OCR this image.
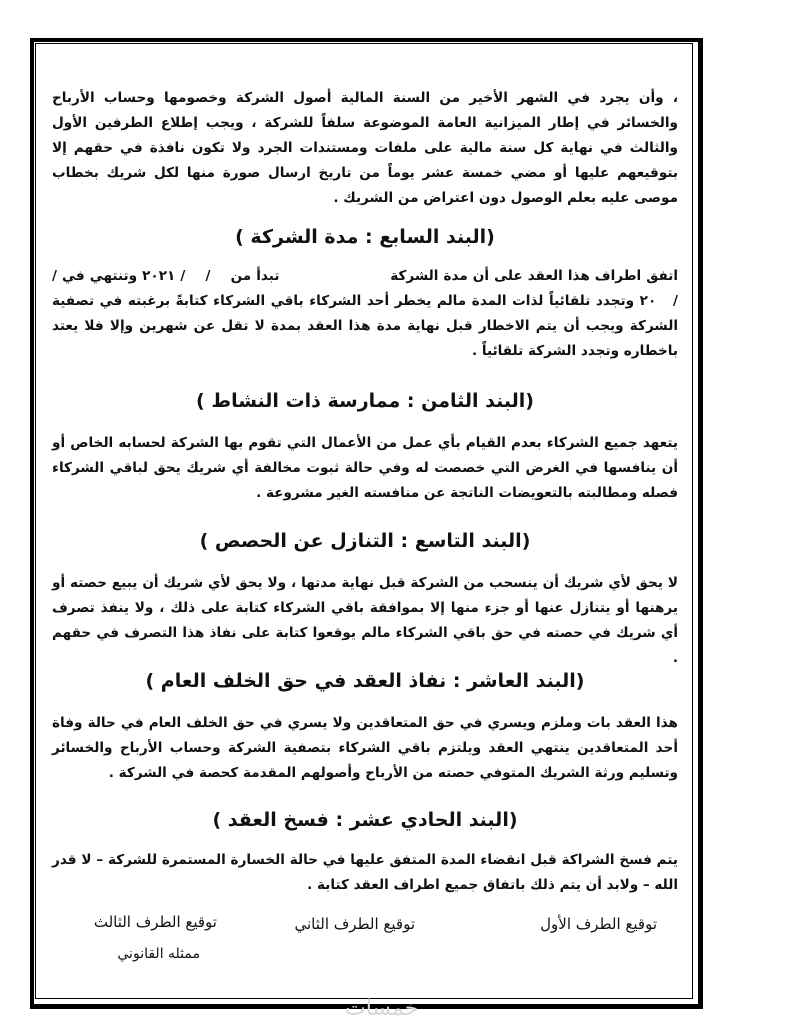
، وأن يجرد في الشهر الأخير من السنة المالية أصول الشركة وخصومها وحساب الأرباح والخسائر في إطار الميزانية العامة الموضوعة سلفاً للشركة ، ويجب إطلاع الطرفين الأول والثالث في نهاية كل سنة مالية على ملفات ومستندات الجرد ولا تكون نافذة في حقهم إلا بتوقيعهم عليها أو مضي خمسة عشر يوماً من تاريخ ارسال صورة منها لكل شريك بخطاب موصى عليه بعلم الوصول دون اعتراض من الشريك .
(البند السابع : مدة الشركة )
اتفق اطراف هذا العقد على أن مدة الشركة                      تبدأ من    /    / ٢٠٢١ وتنتهي في /    /   ٢٠ وتجدد تلقائياً لذات المدة مالم يخطر أحد الشركاء باقي الشركاء كتابةً برغبته في تصفية الشركة ويجب أن يتم الاخطار قبل نهاية مدة هذا العقد بمدة لا تقل عن شهرين وإلا فلا يعتد باخطاره وتجدد الشركة تلقائياً .
(البند الثامن : ممارسة ذات النشاط )
يتعهد جميع الشركاء بعدم القيام بأي عمل من الأعمال التي تقوم بها الشركة لحسابه الخاص أو أن ينافسها في الغرض التي خصصت له وفي حالة ثبوت مخالفة أي شريك يحق لباقي الشركاء فصله ومطالبته بالتعويضات الناتجة عن منافسته الغير مشروعة .
(البند التاسع : التنازل عن الحصص )
لا يحق لأي شريك أن ينسحب من الشركة قبل نهاية مدتها ، ولا يحق لأي شريك أن يبيع حصته أو يرهنها أو يتنازل عنها أو جزء منها إلا بموافقة باقي الشركاء كتابة على ذلك ، ولا ينفذ تصرف أي شريك في حصته في حق باقي الشركاء مالم يوقعوا كتابة على نفاذ هذا التصرف في حقهم .
(البند العاشر : نفاذ العقد في حق الخلف العام )
هذا العقد بات وملزم ويسري في حق المتعاقدين ولا يسري في حق الخلف العام في حالة وفاة أحد المتعاقدين ينتهي العقد ويلتزم باقي الشركاء بتصفية الشركة وحساب الأرباح والخسائر وتسليم ورثة الشريك المتوفي حصته من الأرباح وأصولهم المقدمة كحصة في الشركة .
(البند الحادي عشر : فسخ العقد )
يتم فسخ الشراكة قبل انقضاء المدة المتفق عليها في حالة الخسارة المستمرة للشركة – لا قدر الله – ولابد أن يتم ذلك باتفاق جميع اطراف العقد كتابة .
توقيع الطرف الأول
توقيع الطرف الثاني
توقيع الطرف الثالث
ممثله القانوني
خمسات
